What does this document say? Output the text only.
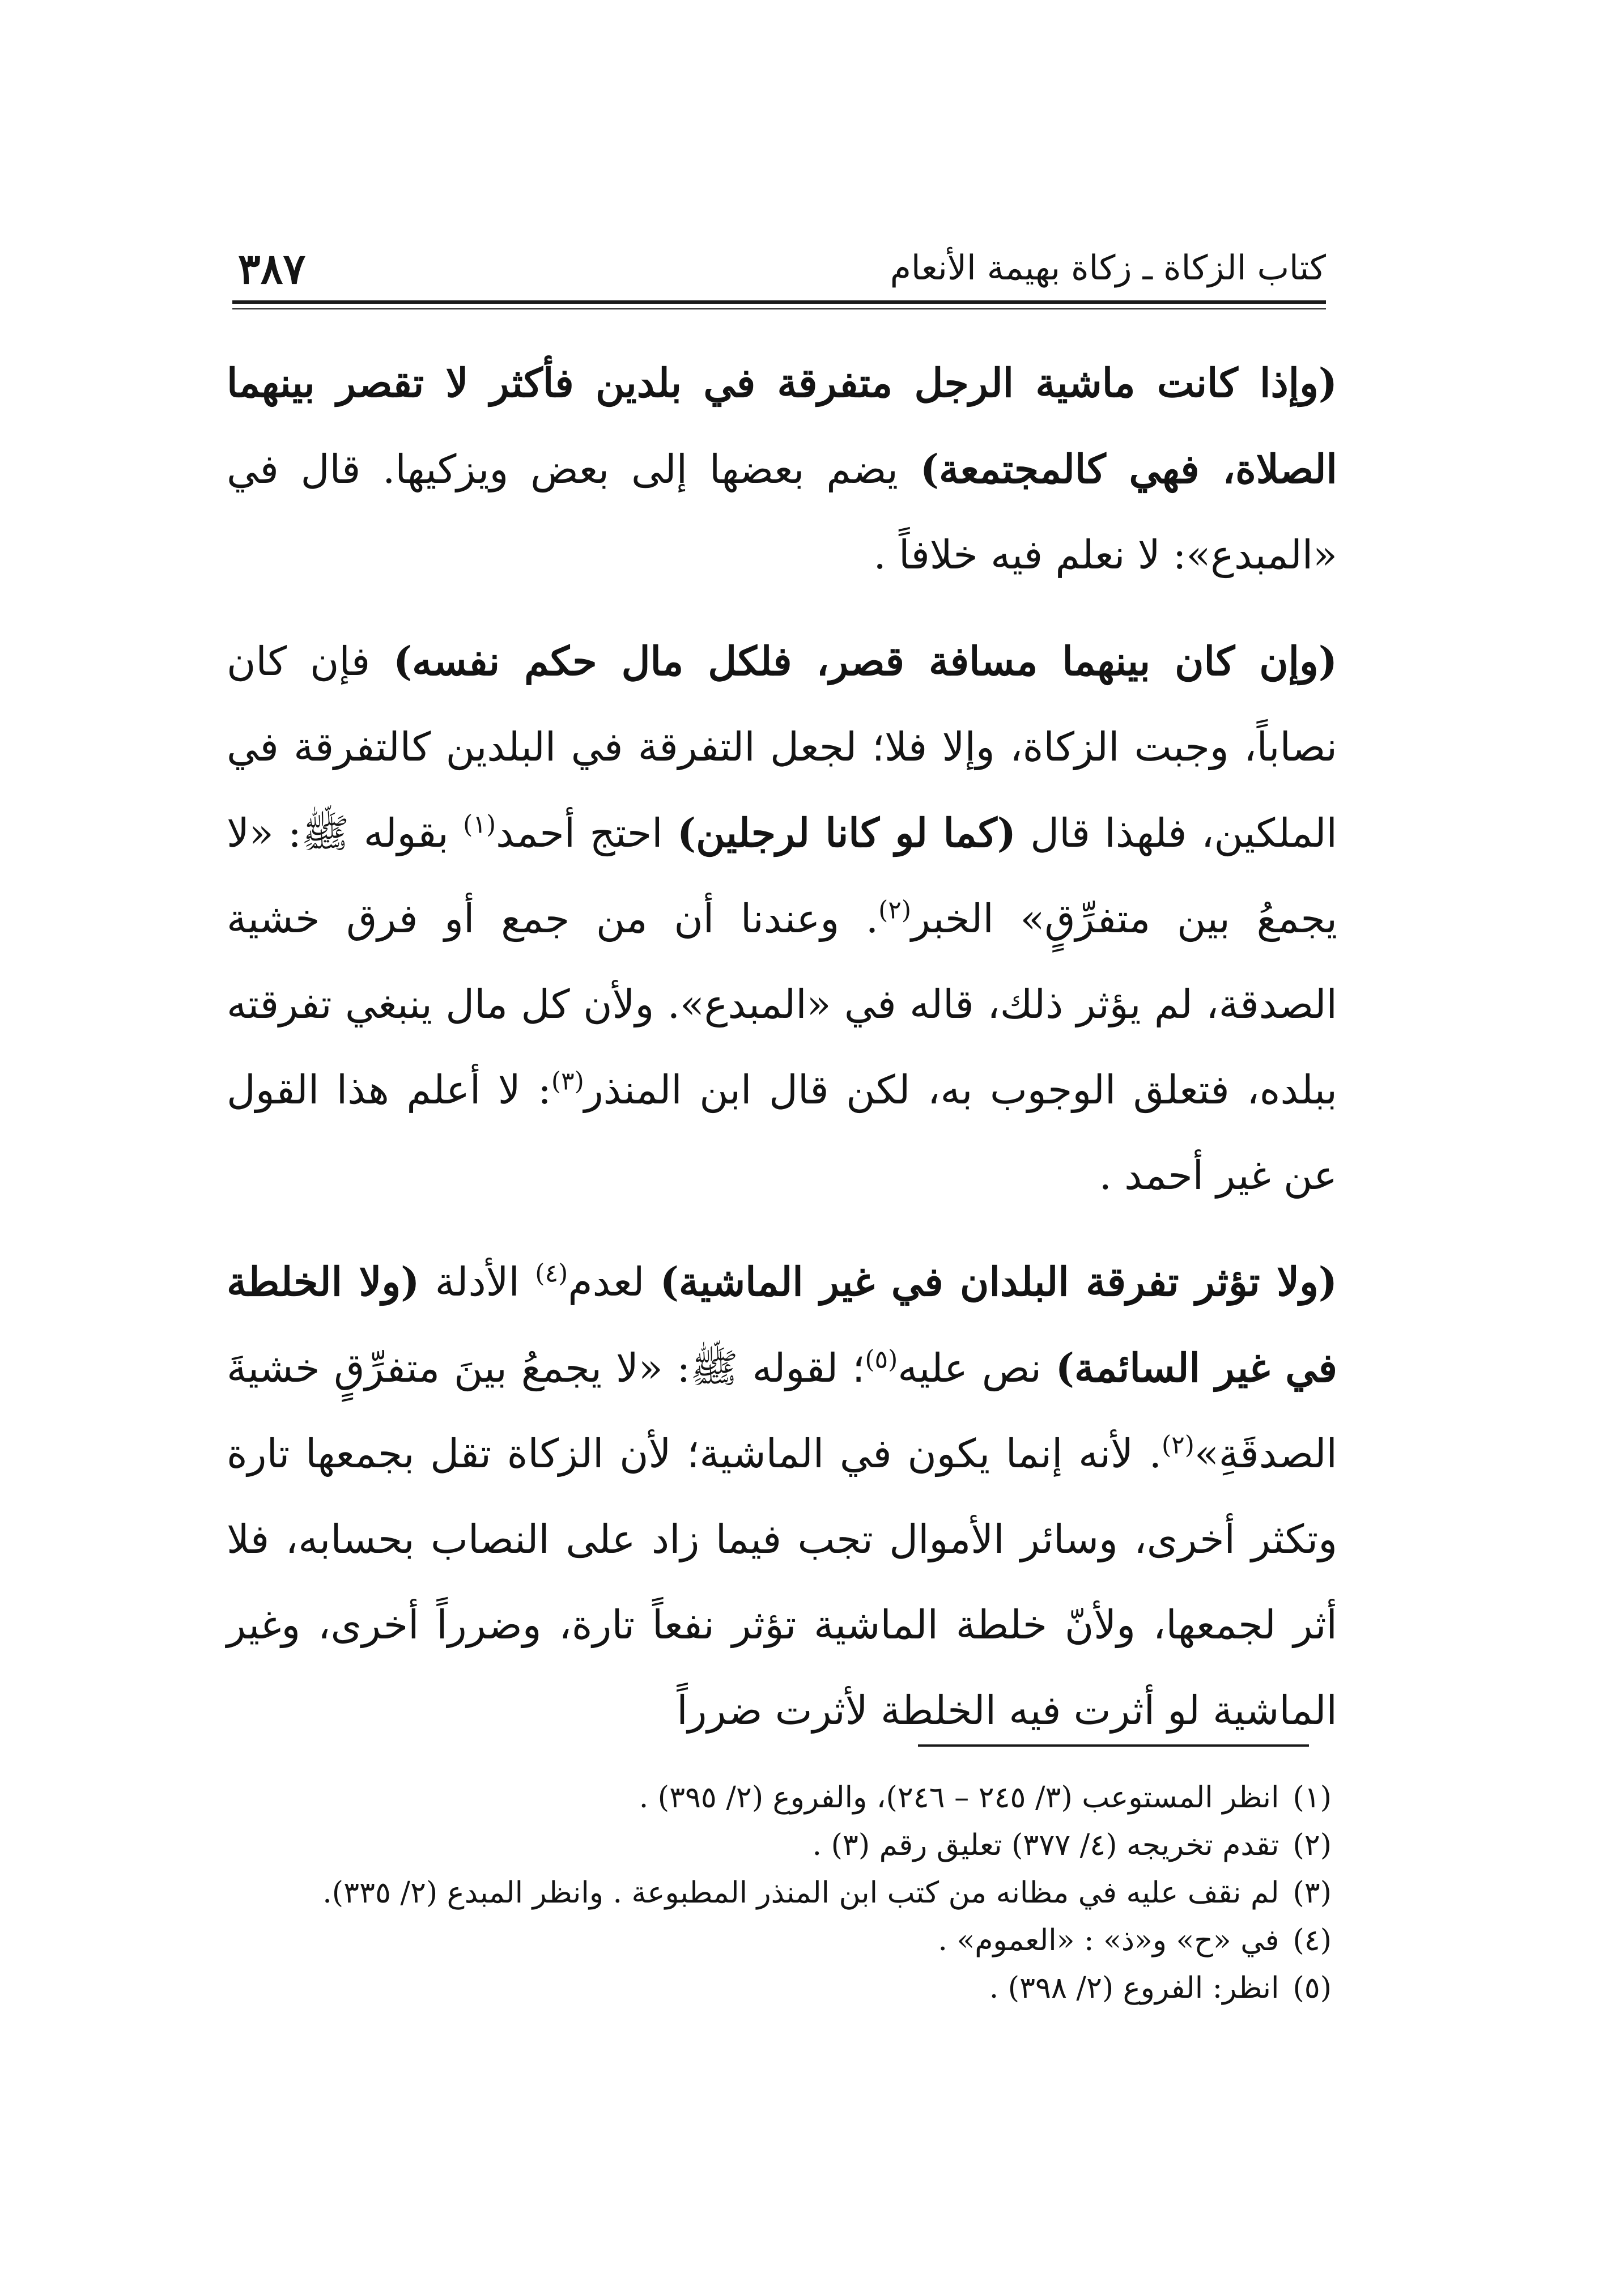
كتاب الزكاة ـ زكاة بهيمة الأنعام
٣٨٧

(وإذا كانت ماشية الرجل متفرقة في بلدين فأكثر لا تقصر بينهما الصلاة، فهي كالمجتمعة) يضم بعضها إلى بعض ويزكيها. قال في «المبدع»: لا نعلم فيه خلافاً .

(وإن كان بينهما مسافة قصر، فلكل مال حكم نفسه) فإن كان نصاباً، وجبت الزكاة، وإلا فلا؛ لجعل التفرقة في البلدين كالتفرقة في الملكين، فلهذا قال (كما لو كانا لرجلين) احتج أحمد$^{(١)}$ بقوله ﷺ: «لا يجمعُ بين متفرِّقٍ» الخبر$^{(٢)}$. وعندنا أن من جمع أو فرق خشية الصدقة، لم يؤثر ذلك، قاله في «المبدع». ولأن كل مال ينبغي تفرقته ببلده، فتعلق الوجوب به، لكن قال ابن المنذر$^{(٣)}$: لا أعلم هذا القول عن غير أحمد .

(ولا تؤثر تفرقة البلدان في غير الماشية) لعدم$^{(٤)}$ الأدلة (ولا الخلطة في غير السائمة) نص عليه$^{(٥)}$؛ لقوله ﷺ: «لا يجمعُ بينَ متفرِّقٍ خشيةَ الصدقَةِ»$^{(٢)}$. لأنه إنما يكون في الماشية؛ لأن الزكاة تقل بجمعها تارة وتكثر أخرى، وسائر الأموال تجب فيما زاد على النصاب بحسابه، فلا أثر لجمعها، ولأنّ خلطة الماشية تؤثر نفعاً تارة، وضرراً أخرى، وغير الماشية لو أثرت فيه الخلطة لأثرت ضرراً

(١)انظر المستوعب (٣/ ٢٤٥ – ٢٤٦)، والفروع (٢/ ٣٩٥) .

(٢)تقدم تخريجه (٤/ ٣٧٧) تعليق رقم (٣) .

(٣)لم نقف عليه في مظانه من كتب ابن المنذر المطبوعة . وانظر المبدع (٢/ ٣٣٥).

(٤)في «ح» و«ذ» : «العموم» .

(٥)انظر: الفروع (٢/ ٣٩٨) .
